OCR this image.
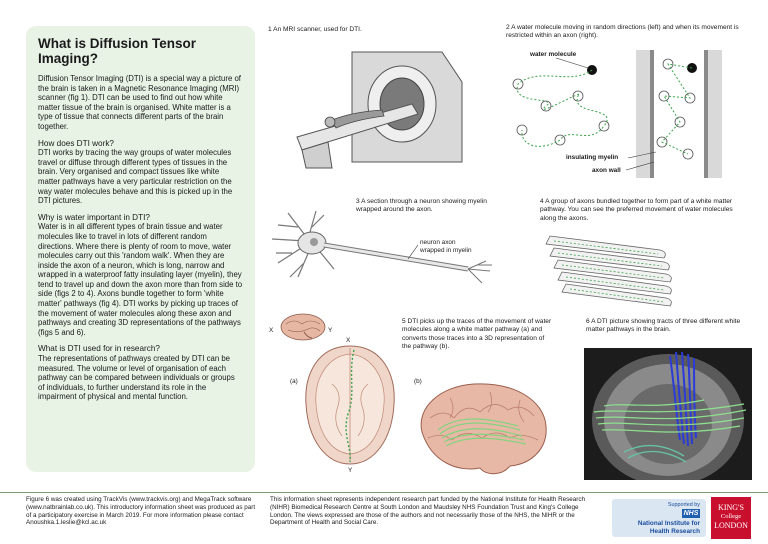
What is Diffusion Tensor Imaging?

Diffusion Tensor Imaging (DTI) is a special way a picture of the brain is taken in a Magnetic Resonance Imaging (MRI) scanner (fig 1). DTI can be used to find out how white matter tissue of the brain is organised. White matter is a type of tissue that connects different parts of the brain together.

How does DTI work?

DTI works by tracing the way groups of water molecules travel or diffuse through different types of tissues in the brain. Very organised and compact tissues like white matter pathways have a very particular restriction on the way water molecules behave and this is picked up in the DTI pictures.

Why is water important in DTI?

Water is in all different types of brain tissue and water molecules like to travel in lots of different random directions. Where there is plenty of room to move, water molecules carry out this 'random walk'. When they are inside the axon of a neuron, which is long, narrow and wrapped in a waterproof fatty insulating layer (myelin), they tend to travel up and down the axon more than from side to side (figs 2 to 4). Axons bundle together to form 'white matter' pathways (fig 4). DTI works by picking up traces of the movement of water molecules along these axon and pathways and creating 3D representations of the pathways (figs 5 and 6).

What is DTI used for in research?

The representations of pathways created by DTI can be measured. The volume or level of organisation of each pathway can be compared between individuals or groups of individuals, to further understand its role in the impairment of physical and mental function.

1 An MRI scanner, used for DTI.	2 A water molecule moving in random directions (left) and when its movement is restricted within an axon (right).
water molecule
insulating myelin
axon wall
3 A section through a neuron showing myelin wrapped around the axon.
neuron axon
wrapped in myelin
4 A group of axons bundled together to form part of a white matter pathway. You can see the preferred movement of water molecules along the axons.
5 DTI picks up the traces of the movement of water molecules along a white matter pathway (a) and converts those traces into a 3D representation of the pathway (b).
X	Y
X
(a)
Y
(b)
6 A DTI picture showing tracts of three different white matter pathways in the brain.
Figure 6 was created using TrackVis (www.trackvis.org) and MegaTrack software (www.natbrainlab.co.uk). This introductory information sheet was produced as part of a participatory exercise in March 2019. For more information please contact Anoushka.1.leslie@kcl.ac.uk
This information sheet represents independent research part funded by the National Institute for Health Research (NIHR) Biomedical Research Centre at South London and Maudsley NHS Foundation Trust and King's College London. The views expressed are those of the authors and not necessarily those of the NHS, the NIHR or the Department of Health and Social Care.
Supported by
NHS
National Institute for
Health Research
KING'S
College
LONDON
